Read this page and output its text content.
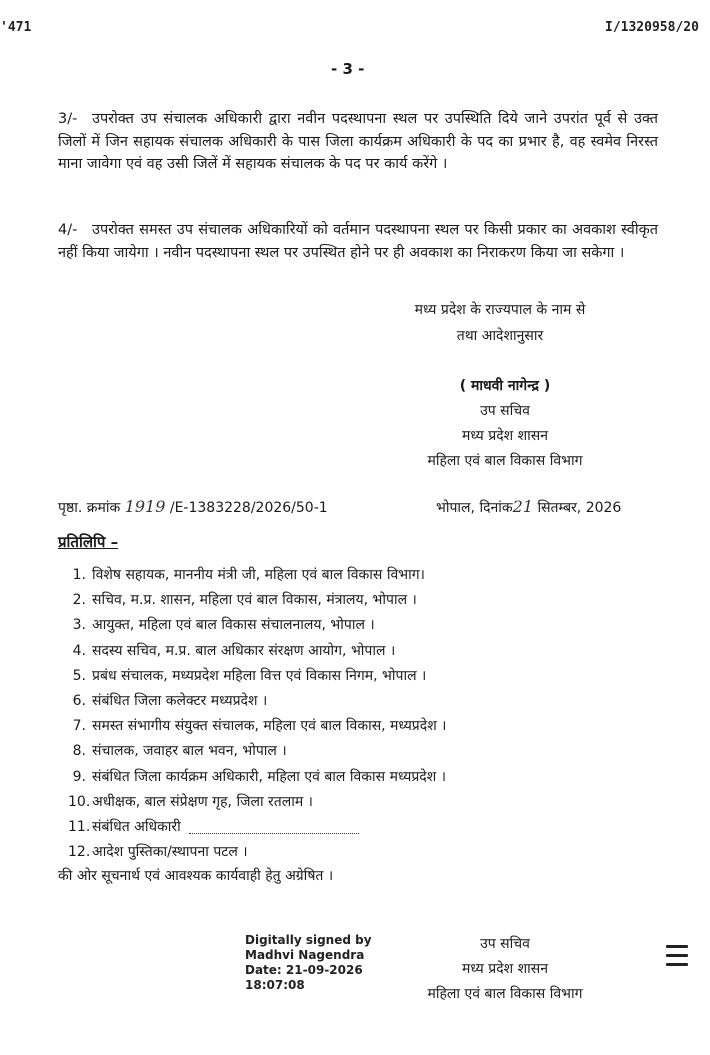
'471	I/1320958/20
- 3 -

3/- उपरोक्त उप संचालक अधिकारी द्वारा नवीन पदस्थापना स्थल पर उपस्थिति दिये जाने उपरांत पूर्व से उक्त जिलों में जिन सहायक संचालक अधिकारी के पास जिला कार्यक्रम अधिकारी के पद का प्रभार है, वह स्वमेव निरस्त माना जावेगा एवं वह उसी जिलें में सहायक संचालक के पद पर कार्य करेंगे ।

4/- उपरोक्त समस्त उप संचालक अधिकारियों को वर्तमान पदस्थापना स्थल पर किसी प्रकार का अवकाश स्वीकृत नहीं किया जायेगा । नवीन पदस्थापना स्थल पर उपस्थित होने पर ही अवकाश का निराकरण किया जा सकेगा ।

मध्य प्रदेश के राज्यपाल के नाम से
तथा आदेशानुसार
( माधवी नागेन्द्र )
उप सचिव
मध्य प्रदेश शासन
महिला एवं बाल विकास विभाग
पृष्ठा. क्रमांक 1919 /E-1383228/2026/50-1	भोपाल, दिनांक21 सितम्बर, 2026
प्रतिलिपि –
1. विशेष सहायक, माननीय मंत्री जी, महिला एवं बाल विकास विभाग।
2. सचिव, म.प्र. शासन, महिला एवं बाल विकास, मंत्रालय, भोपाल ।
3. आयुक्त, महिला एवं बाल विकास संचालनालय, भोपाल ।
4. सदस्य सचिव, म.प्र. बाल अधिकार संरक्षण आयोग, भोपाल ।
5. प्रबंध संचालक, मध्यप्रदेश महिला वित्त एवं विकास निगम, भोपाल ।
6. संबंधित जिला कलेक्टर मध्यप्रदेश ।
7. समस्त संभागीय संयुक्त संचालक, महिला एवं बाल विकास, मध्यप्रदेश ।
8. संचालक, जवाहर बाल भवन, भोपाल ।
9. संबंधित जिला कार्यक्रम अधिकारी, महिला एवं बाल विकास मध्यप्रदेश ।
10. अधीक्षक, बाल संप्रेक्षण गृह, जिला रतलाम ।
11. संबंधित अधिकारी
12. आदेश पुस्तिका/स्थापना पटल ।
की ओर सूचनार्थ एवं आवश्यक कार्यवाही हेतु अग्रेषित ।
Digitally signed by
Madhvi Nagendra
Date: 21-09-2026
18:07:08
उप सचिव
मध्य प्रदेश शासन
महिला एवं बाल विकास विभाग
